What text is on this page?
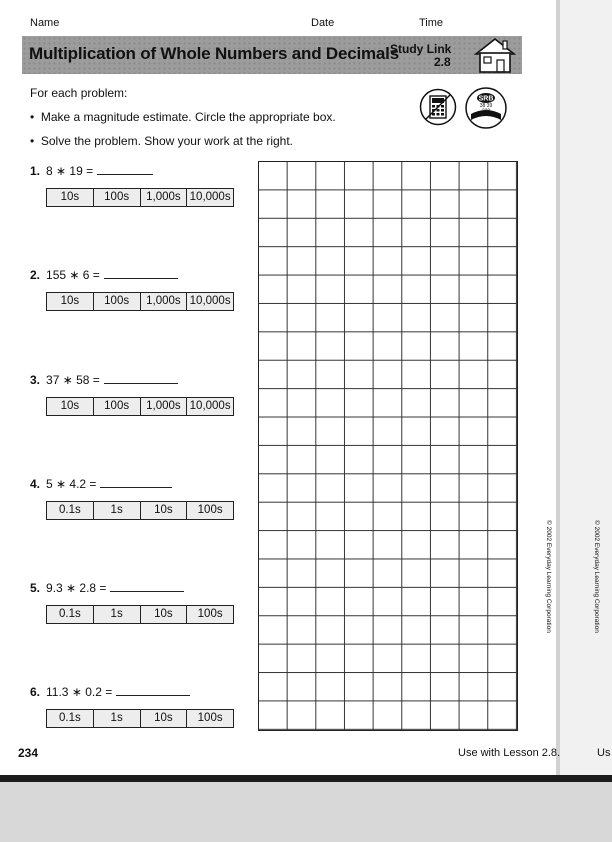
Name	Date	Time
Multiplication of Whole Numbers and Decimals
Study Link
2.8
For each problem:
•  Make a magnitude estimate. Circle the appropriate box.
•  Solve the problem. Show your work at the right.
SRB
38 39
228
1. 8 ∗ 19 =
10s	100s	1,000s 10,000s
2. 155 ∗ 6 =
10s	100s	1,000s 10,000s
3. 37 ∗ 58 =
10s	100s	1,000s 10,000s
4. 5 ∗ 4.2 =
0.1s	1s	10s	100s
5. 9.3 ∗ 2.8 =
0.1s	1s	10s	100s
6. 11.3 ∗ 0.2 =
0.1s	1s	10s	100s
© 2002 Everyday Learning Corporation	© 2002 Everyday Learning Corporation
234	Use with Lesson 2.8.	Us
